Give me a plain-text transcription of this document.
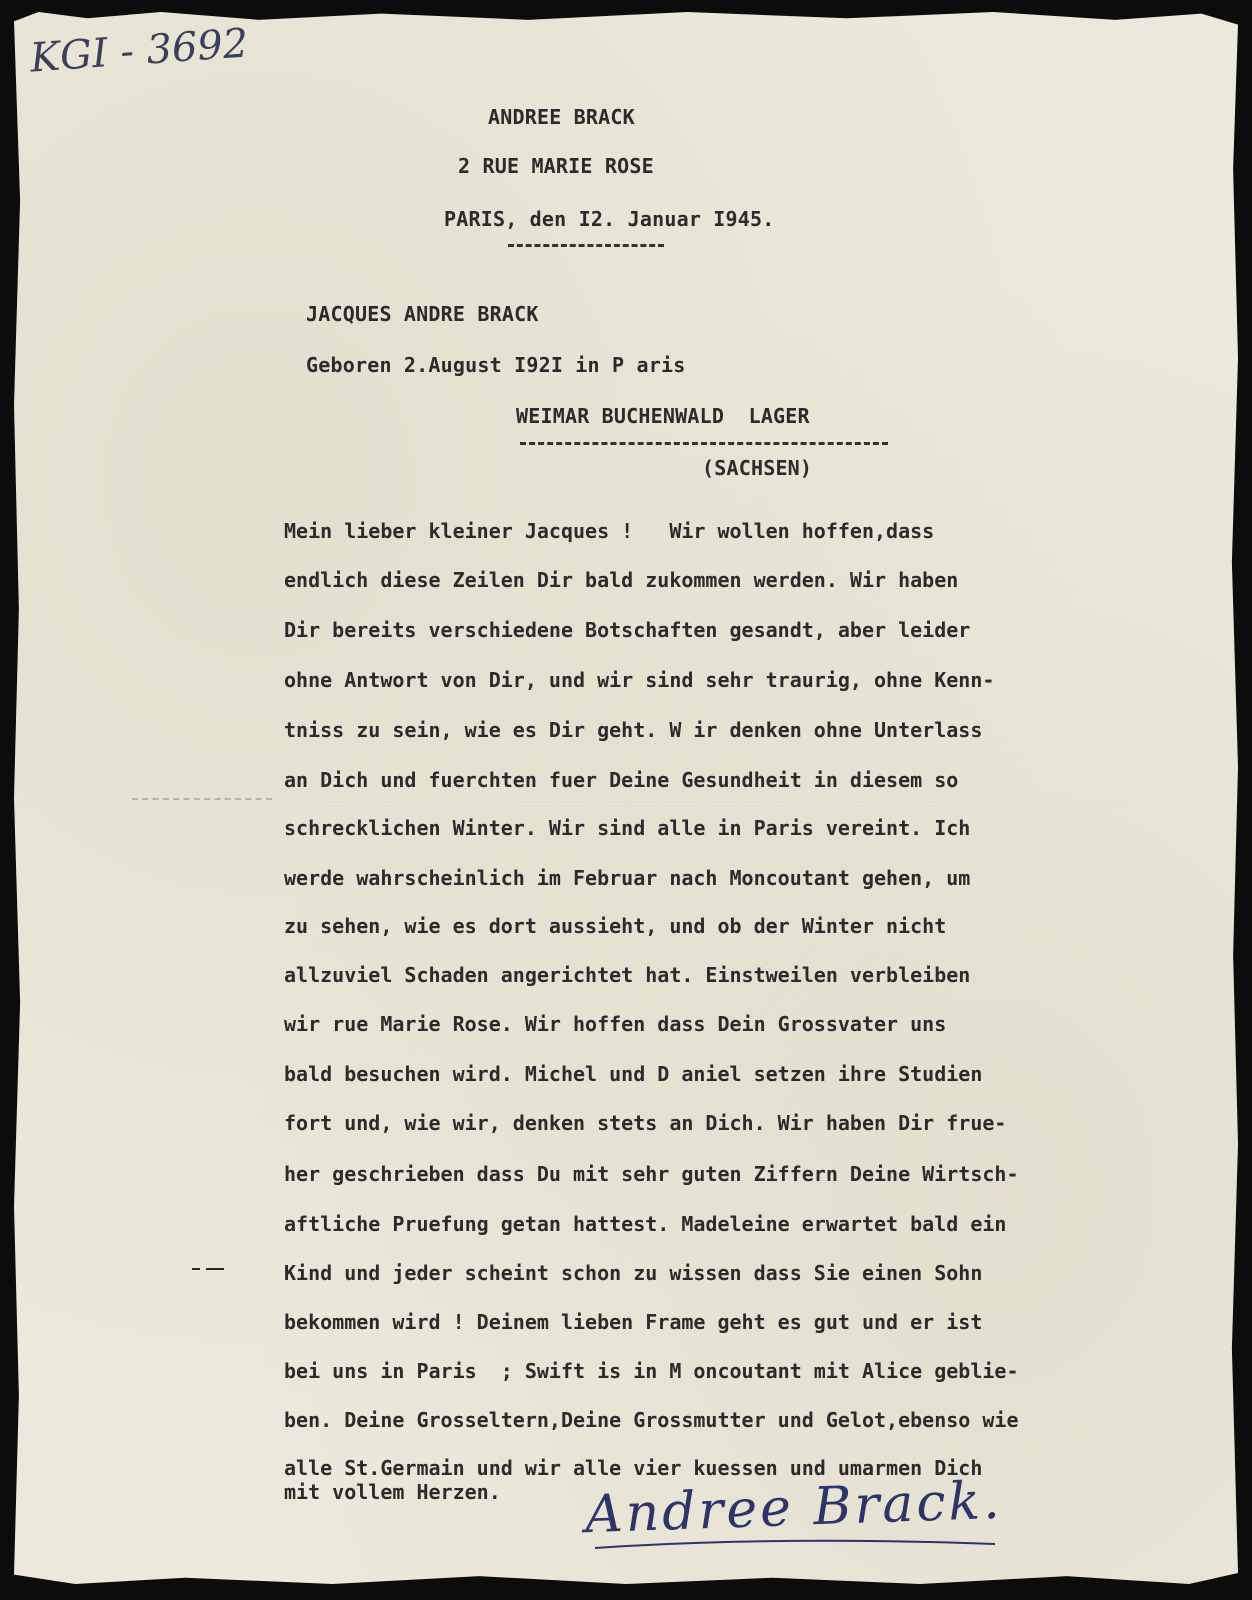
KGI - 3692
ANDREE BRACK
2 RUE MARIE ROSE
PARIS, den I2. Januar I945.
JACQUES ANDRE BRACK
Geboren 2.August I92I in P aris
WEIMAR BUCHENWALD  LAGER
(SACHSEN)
Mein lieber kleiner Jacques !   Wir wollen hoffen,dass
endlich diese Zeilen Dir bald zukommen werden. Wir haben
Dir bereits verschiedene Botschaften gesandt, aber leider
ohne Antwort von Dir, und wir sind sehr traurig, ohne Kenn-
tniss zu sein, wie es Dir geht. W ir denken ohne Unterlass
an Dich und fuerchten fuer Deine Gesundheit in diesem so
schrecklichen Winter. Wir sind alle in Paris vereint. Ich
werde wahrscheinlich im Februar nach Moncoutant gehen, um
zu sehen, wie es dort aussieht, und ob der Winter nicht
allzuviel Schaden angerichtet hat. Einstweilen verbleiben
wir rue Marie Rose. Wir hoffen dass Dein Grossvater uns
bald besuchen wird. Michel und D aniel setzen ihre Studien
fort und, wie wir, denken stets an Dich. Wir haben Dir frue-
her geschrieben dass Du mit sehr guten Ziffern Deine Wirtsch-
aftliche Pruefung getan hattest. Madeleine erwartet bald ein
Kind und jeder scheint schon zu wissen dass Sie einen Sohn
bekommen wird ! Deinem lieben Frame geht es gut und er ist
bei uns in Paris  ; Swift is in M oncoutant mit Alice geblie-
ben. Deine Grosseltern,Deine Grossmutter und Gelot,ebenso wie
alle St.Germain und wir alle vier kuessen und umarmen Dich
mit vollem Herzen. Andree Brack.
